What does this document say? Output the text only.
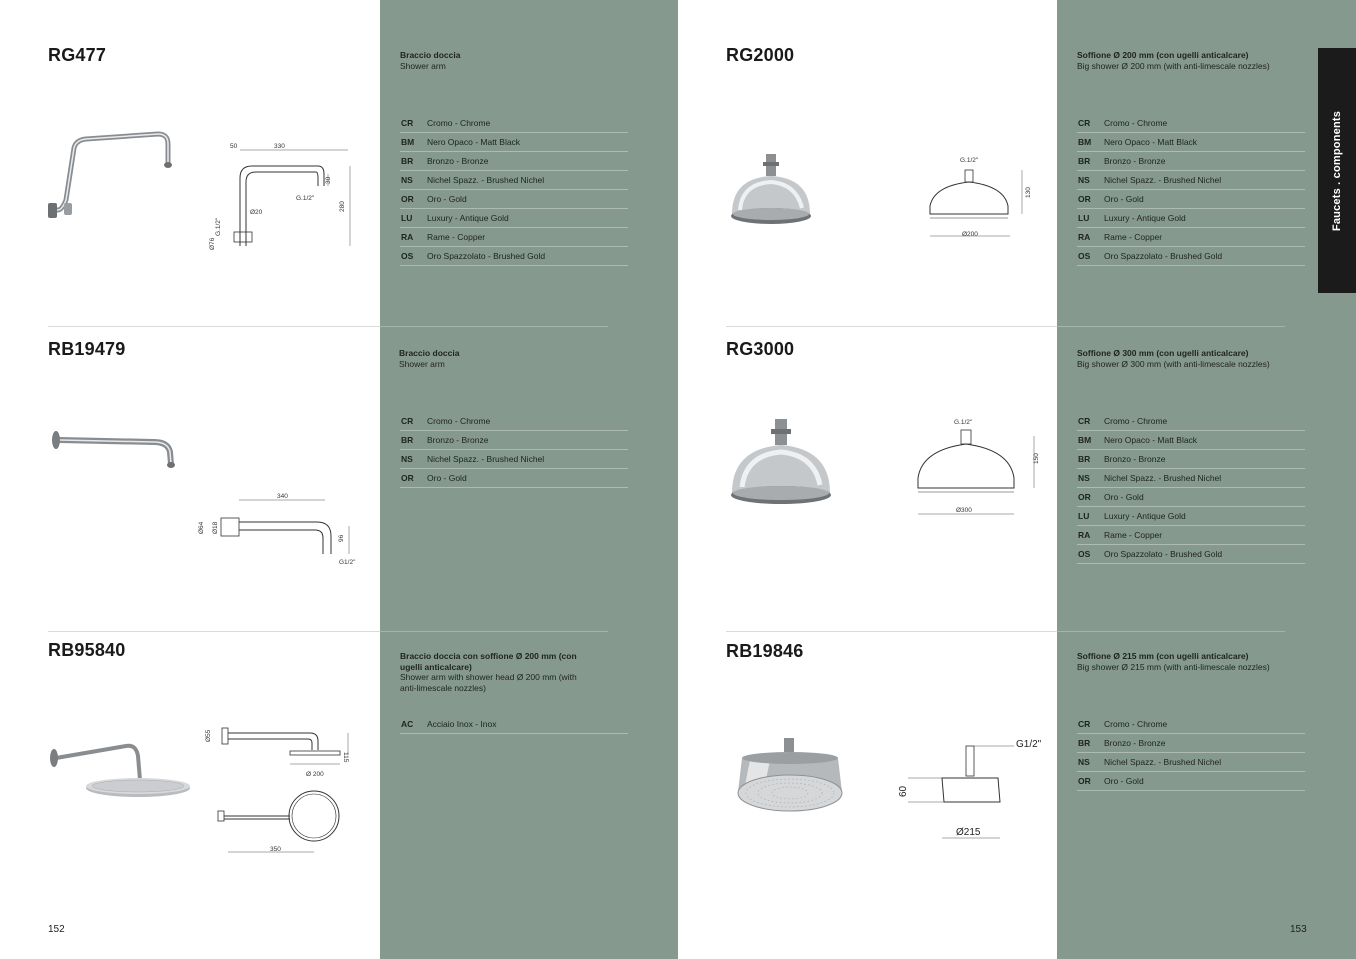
RG477
50	330
Ø20
G.1/2"
280
30
G.1/2"
Ø76
Braccio doccia
Shower arm
CR	Cromo - Chrome
BM	Nero Opaco - Matt Black
BR	Bronzo - Bronze
NS	Nichel Spazz. - Brushed Nichel
OR	Oro - Gold
LU	Luxury - Antique Gold
RA	Rame - Copper
OS	Oro Spazzolato - Brushed Gold
RB19479
340
Ø64 Ø18
96
G1/2"
Braccio doccia
Shower arm
CR	Cromo - Chrome
BR	Bronzo - Bronze
NS	Nichel Spazz. - Brushed Nichel
OR	Oro - Gold
RB95840
Ø55
115
Ø 200
350
Braccio doccia con soffione Ø 200 mm (con ugelli anticalcare)
Shower arm with shower head Ø 200 mm (with anti-limescale nozzles)
AC	Acciaio Inox - Inox
152
RG2000
G.1/2"
130
Ø200
Soffione Ø 200 mm (con ugelli anticalcare)
Big shower Ø 200 mm (with anti-limescale nozzles)
CR	Cromo - Chrome
BM	Nero Opaco - Matt Black
BR	Bronzo - Bronze
NS	Nichel Spazz. - Brushed Nichel
OR	Oro - Gold
LU	Luxury - Antique Gold
RA	Rame - Copper
OS	Oro Spazzolato - Brushed Gold
RG3000
G.1/2"
150
Ø300
Soffione Ø 300 mm (con ugelli anticalcare)
Big shower Ø 300 mm (with anti-limescale nozzles)
CR	Cromo - Chrome
BM	Nero Opaco - Matt Black
BR	Bronzo - Bronze
NS	Nichel Spazz. - Brushed Nichel
OR	Oro - Gold
LU	Luxury - Antique Gold
RA	Rame - Copper
OS	Oro Spazzolato - Brushed Gold
RB19846
G1/2"
60
Ø215
Soffione Ø 215 mm (con ugelli anticalcare)
Big shower Ø 215 mm (with anti-limescale nozzles)
CR	Cromo - Chrome
BR	Bronzo - Bronze
NS	Nichel Spazz. - Brushed Nichel
OR	Oro - Gold
153
Faucets . components
